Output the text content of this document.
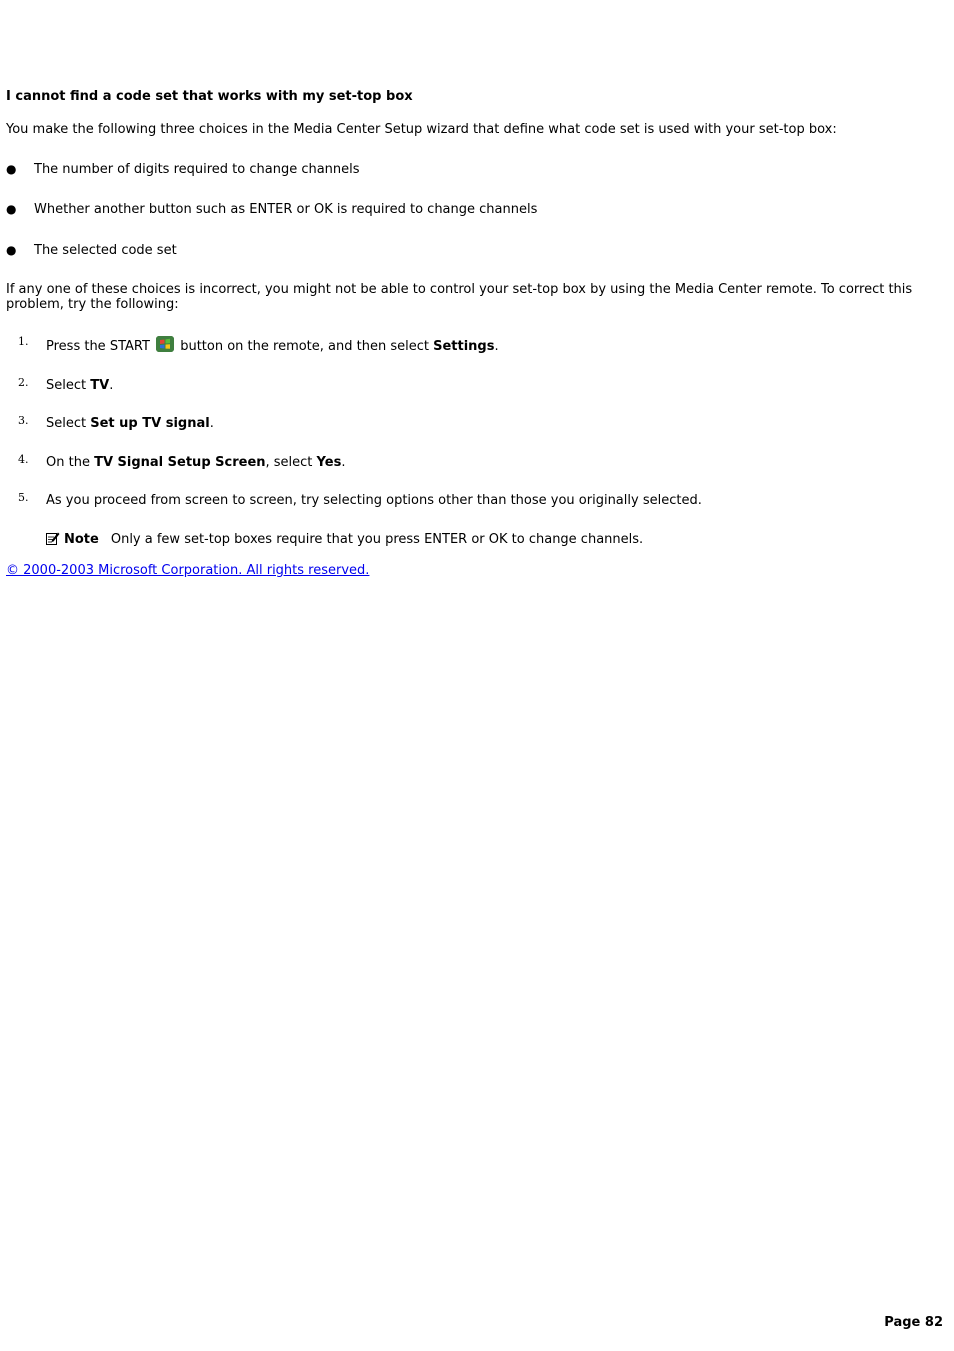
I cannot find a code set that works with my set-top box

You make the following three choices in the Media Center Setup wizard that define what code set is used with your set-top box:

● The number of digits required to change channels
● Whether another button such as ENTER or OK is required to change channels
● The selected code set

If any one of these choices is incorrect, you might not be able to control your set-top box by using the Media Center remote. To correct this problem, try the following:

1. Press the START
button on the remote, and then select Settings.
2. Select TV.
3. Select Set up TV signal.
4. On the TV Signal Setup Screen, select Yes.
5. As you proceed from screen to screen, try selecting options other than those you originally selected.
Note Only a few set-top boxes require that you press ENTER or OK to change channels.
© 2000-2003 Microsoft Corporation. All rights reserved.
Page 82
